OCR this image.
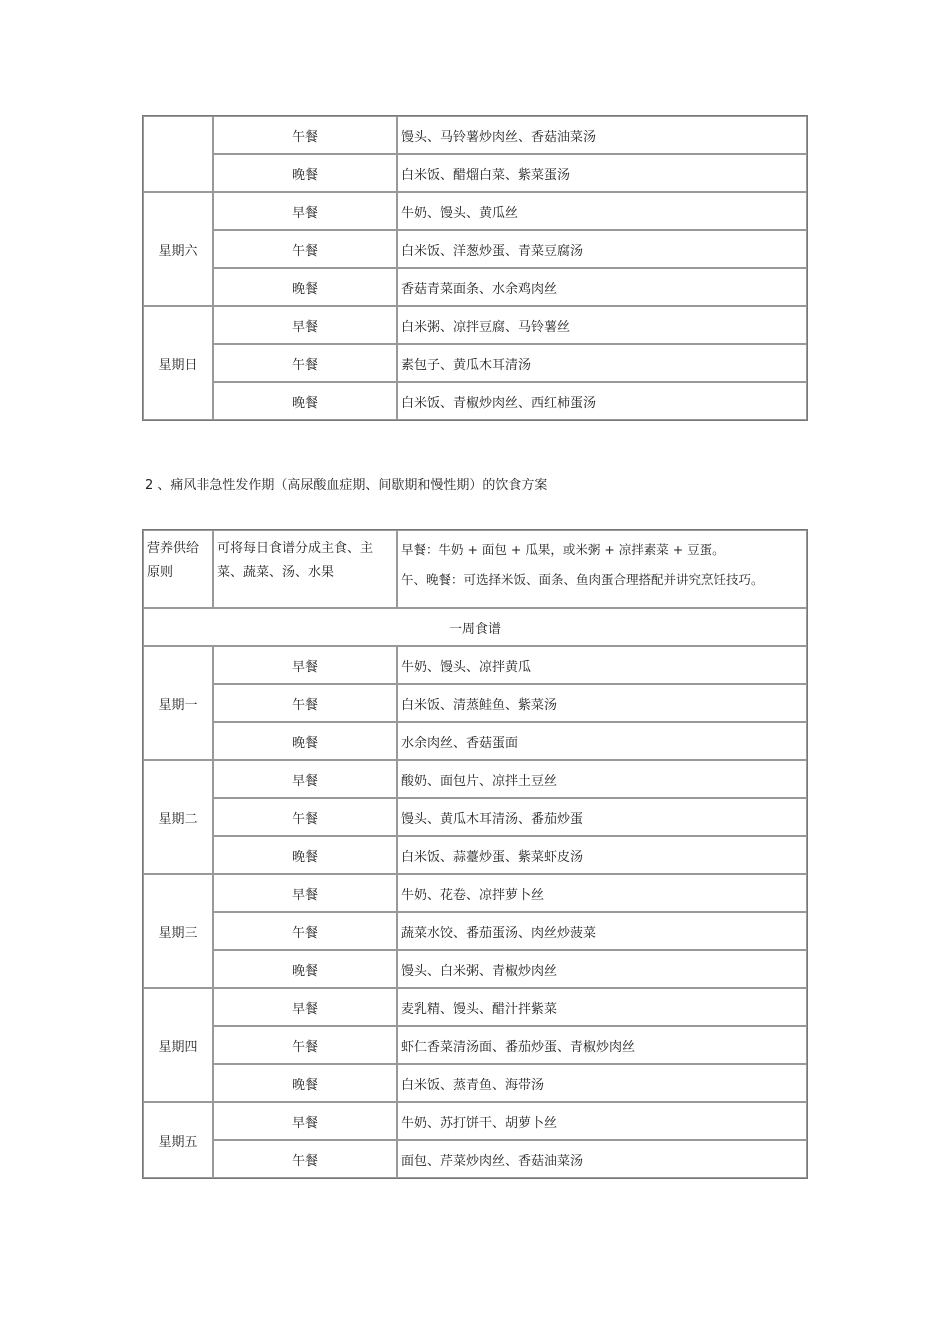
	午餐	馒头、马铃薯炒肉丝、香菇油菜汤
	晚餐	白米饭、醋熘白菜、紫菜蛋汤
星期六	早餐	牛奶、馒头、黄瓜丝
	午餐	白米饭、洋葱炒蛋、青菜豆腐汤
	晚餐	香菇青菜面条、水余鸡肉丝
星期日	早餐	白米粥、凉拌豆腐、马铃薯丝
	午餐	素包子、黄瓜木耳清汤
	晚餐	白米饭、青椒炒肉丝、西红柿蛋汤
2 、痛风非急性发作期（高尿酸血症期、间歇期和慢性期）的饮食方案
营养供给原则	可将每日食谱分成主食、主菜、蔬菜、汤、水果	早餐：牛奶 + 面包 + 瓜果，或米粥 + 凉拌素菜 + 豆蛋。
午、晚餐：可选择米饭、面条、鱼肉蛋合理搭配并讲究烹饪技巧。

一周食谱		
星期一	早餐	牛奶、馒头、凉拌黄瓜
	午餐	白米饭、清蒸鲑鱼、紫菜汤
	晚餐	水余肉丝、香菇蛋面
星期二	早餐	酸奶、面包片、凉拌土豆丝
	午餐	馒头、黄瓜木耳清汤、番茄炒蛋
	晚餐	白米饭、蒜薹炒蛋、紫菜虾皮汤
星期三	早餐	牛奶、花卷、凉拌萝卜丝
	午餐	蔬菜水饺、番茄蛋汤、肉丝炒菠菜
	晚餐	馒头、白米粥、青椒炒肉丝
星期四	早餐	麦乳精、馒头、醋汁拌紫菜
	午餐	虾仁香菜清汤面、番茄炒蛋、青椒炒肉丝
	晚餐	白米饭、蒸青鱼、海带汤
星期五	早餐	牛奶、苏打饼干、胡萝卜丝
	午餐	面包、芹菜炒肉丝、香菇油菜汤
